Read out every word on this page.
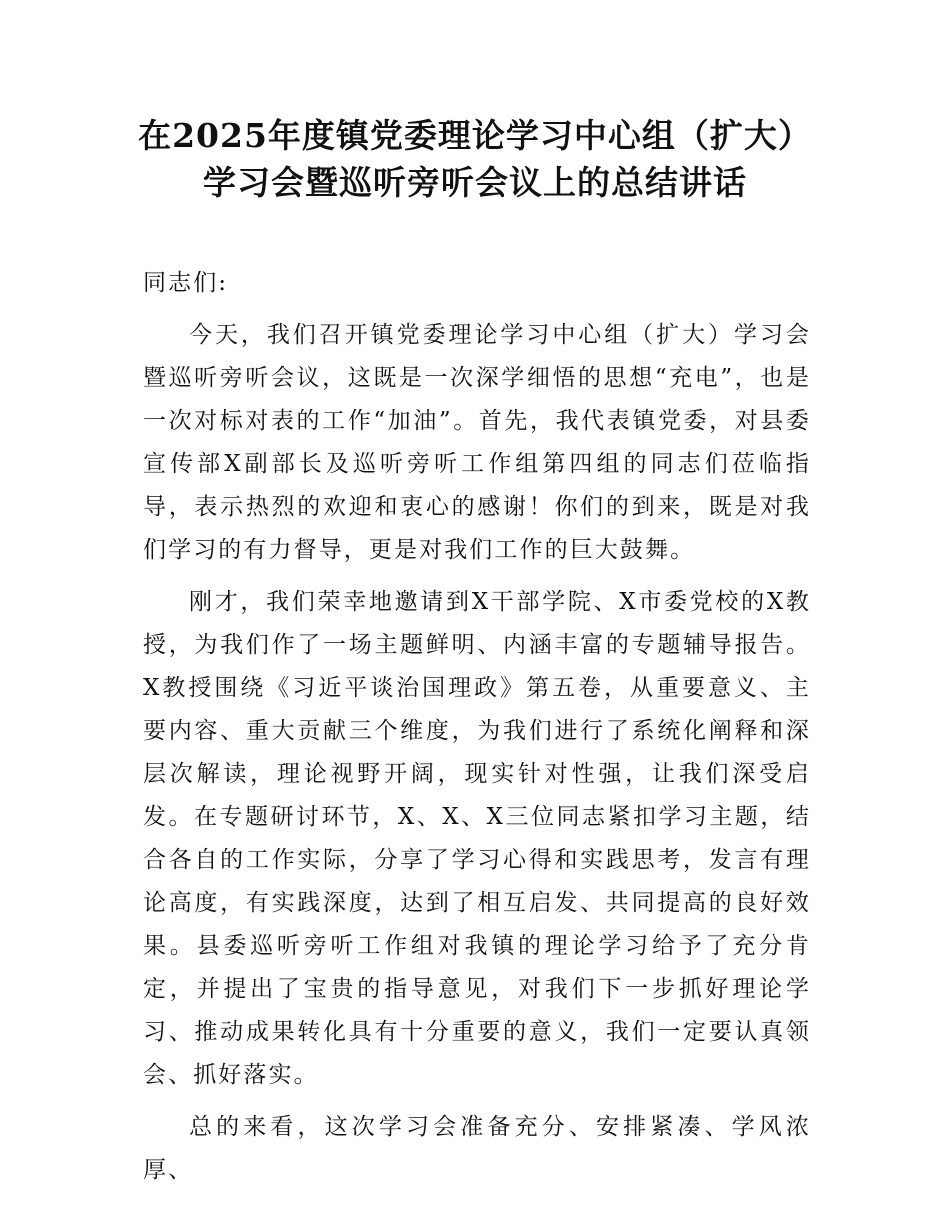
在2025年度镇党委理论学习中心组（扩大）
学习会暨巡听旁听会议上的总结讲话

同志们:

今天，我们召开镇党委理论学习中心组（扩大）学习会暨巡听旁听会议，这既是一次深学细悟的思想“充电”，也是一次对标对表的工作“加油”。首先，我代表镇党委，对县委宣传部X副部长及巡听旁听工作组第四组的同志们莅临指导，表示热烈的欢迎和衷心的感谢！你们的到来，既是对我们学习的有力督导，更是对我们工作的巨大鼓舞。

刚才，我们荣幸地邀请到X干部学院、X市委党校的X教授，为我们作了一场主题鲜明、内涵丰富的专题辅导报告。X教授围绕《习近平谈治国理政》第五卷，从重要意义、主要内容、重大贡献三个维度，为我们进行了系统化阐释和深层次解读，理论视野开阔，现实针对性强，让我们深受启发。在专题研讨环节，X、X、X三位同志紧扣学习主题，结合各自的工作实际，分享了学习心得和实践思考，发言有理论高度，有实践深度，达到了相互启发、共同提高的良好效果。县委巡听旁听工作组对我镇的理论学习给予了充分肯定，并提出了宝贵的指导意见，对我们下一步抓好理论学习、推动成果转化具有十分重要的意义，我们一定要认真领会、抓好落实。

总的来看，这次学习会准备充分、安排紧凑、学风浓厚、
